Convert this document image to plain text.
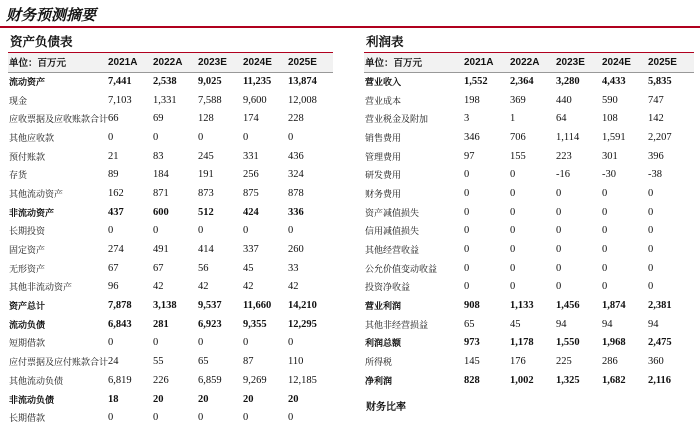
财务预测摘要
资产负债表
单位：百万元	2021A	2022A	2023E	2024E	2025E
流动资产	7,441	2,538	9,025	11,235	13,874
现金	7,103	1,331	7,588	9,600	12,008
应收票据及应收账款合计	66	69	128	174	228
其他应收款	0	0	0	0	0
预付账款	21	83	245	331	436
存货	89	184	191	256	324
其他流动资产	162	871	873	875	878
非流动资产	437	600	512	424	336
长期投资	0	0	0	0	0
固定资产	274	491	414	337	260
无形资产	67	67	56	45	33
其他非流动资产	96	42	42	42	42
资产总计	7,878	3,138	9,537	11,660	14,210
流动负债	6,843	281	6,923	9,355	12,295
短期借款	0	0	0	0	0
应付票据及应付账款合计	24	55	65	87	110
其他流动负债	6,819	226	6,859	9,269	12,185
非流动负债	18	20	20	20	20
长期借款	0	0	0	0	0
利润表
单位：百万元	2021A	2022A	2023E	2024E	2025E
营业收入	1,552	2,364	3,280	4,433	5,835
营业成本	198	369	440	590	747
营业税金及附加	3	1	64	108	142
销售费用	346	706	1,114	1,591	2,207
管理费用	97	155	223	301	396
研发费用	0	0	-16	-30	-38
财务费用	0	0	0	0	0
资产减值损失	0	0	0	0	0
信用减值损失	0	0	0	0	0
其他经营收益	0	0	0	0	0
公允价值变动收益	0	0	0	0	0
投资净收益	0	0	0	0	0
营业利润	908	1,133	1,456	1,874	2,381
其他非经营损益	65	45	94	94	94
利润总额	973	1,178	1,550	1,968	2,475
所得税	145	176	225	286	360
净利润	828	1,002	1,325	1,682	2,116
财务比率
